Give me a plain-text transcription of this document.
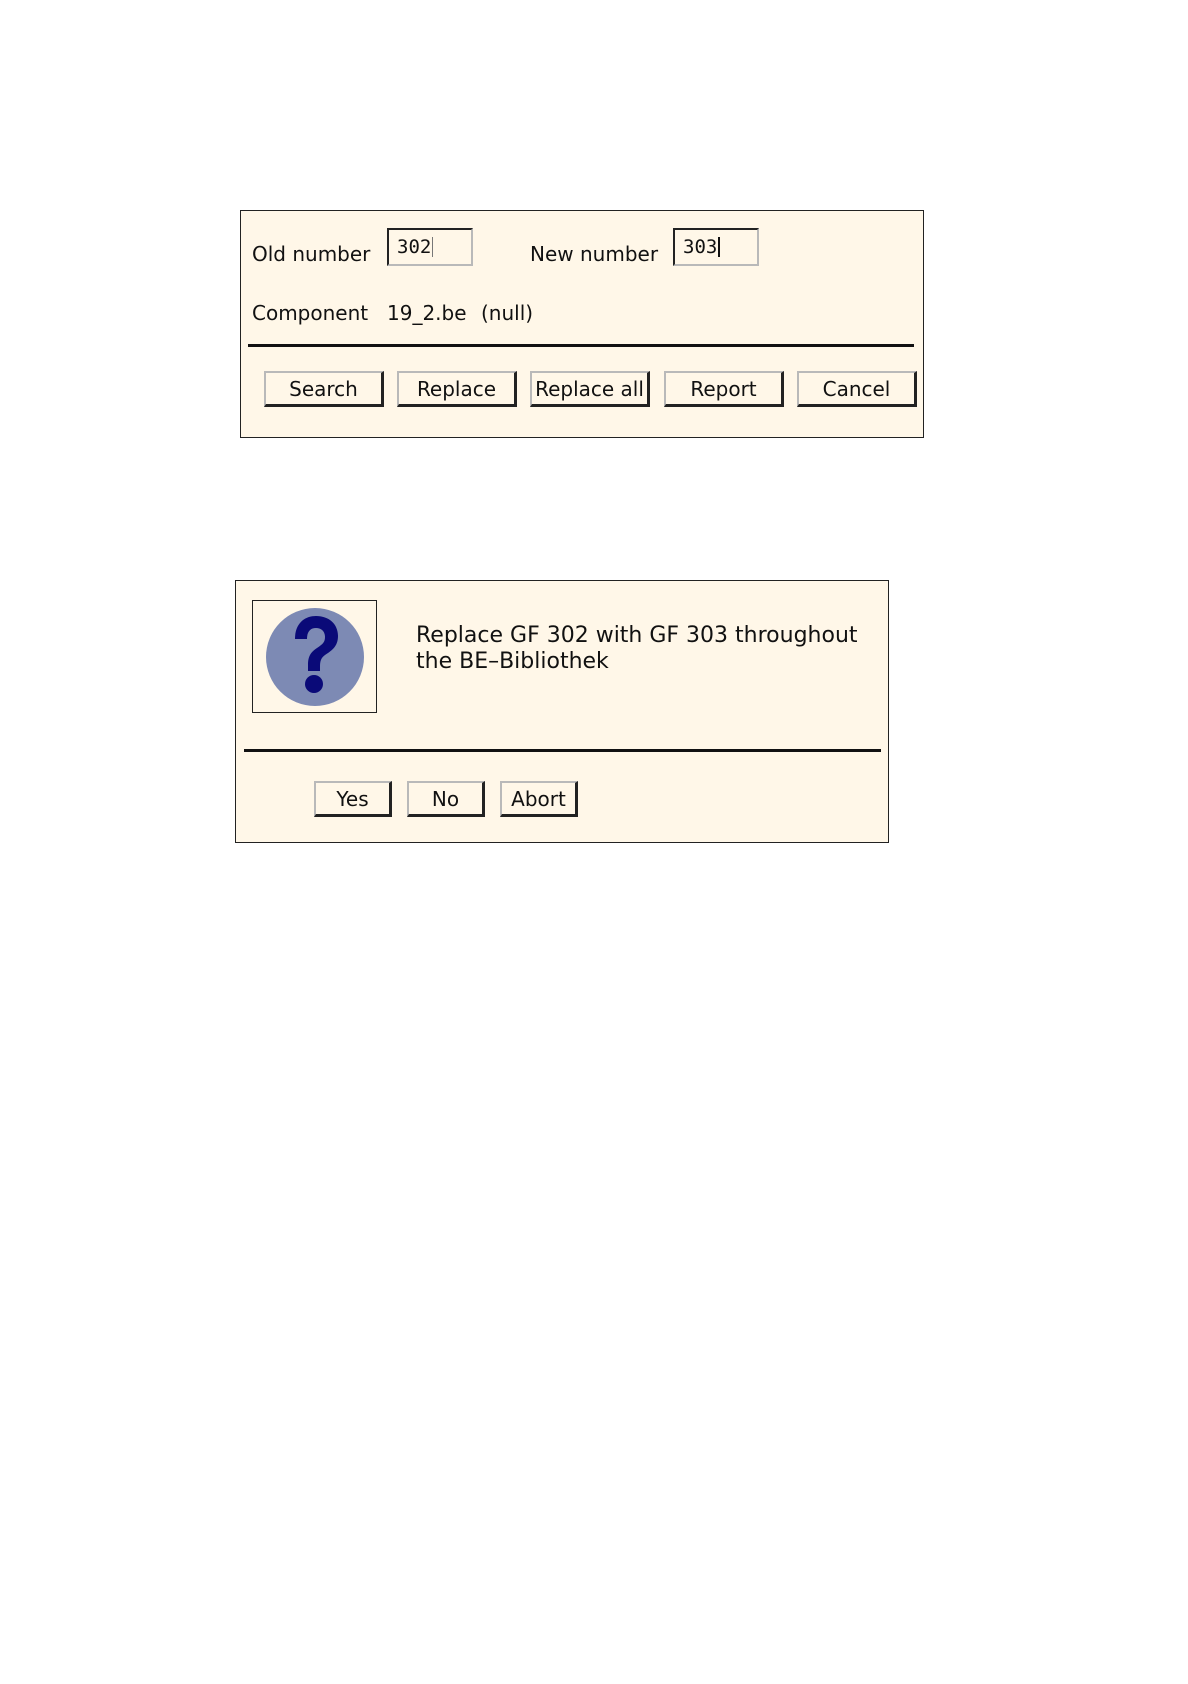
Old number	302	New number	303
Component 19_2.be (null)
Search	Replace	Replace all	Report	Cancel
Replace GF 302 with GF 303 throughout
the BE–Bibliothek
Yes	No	Abort
